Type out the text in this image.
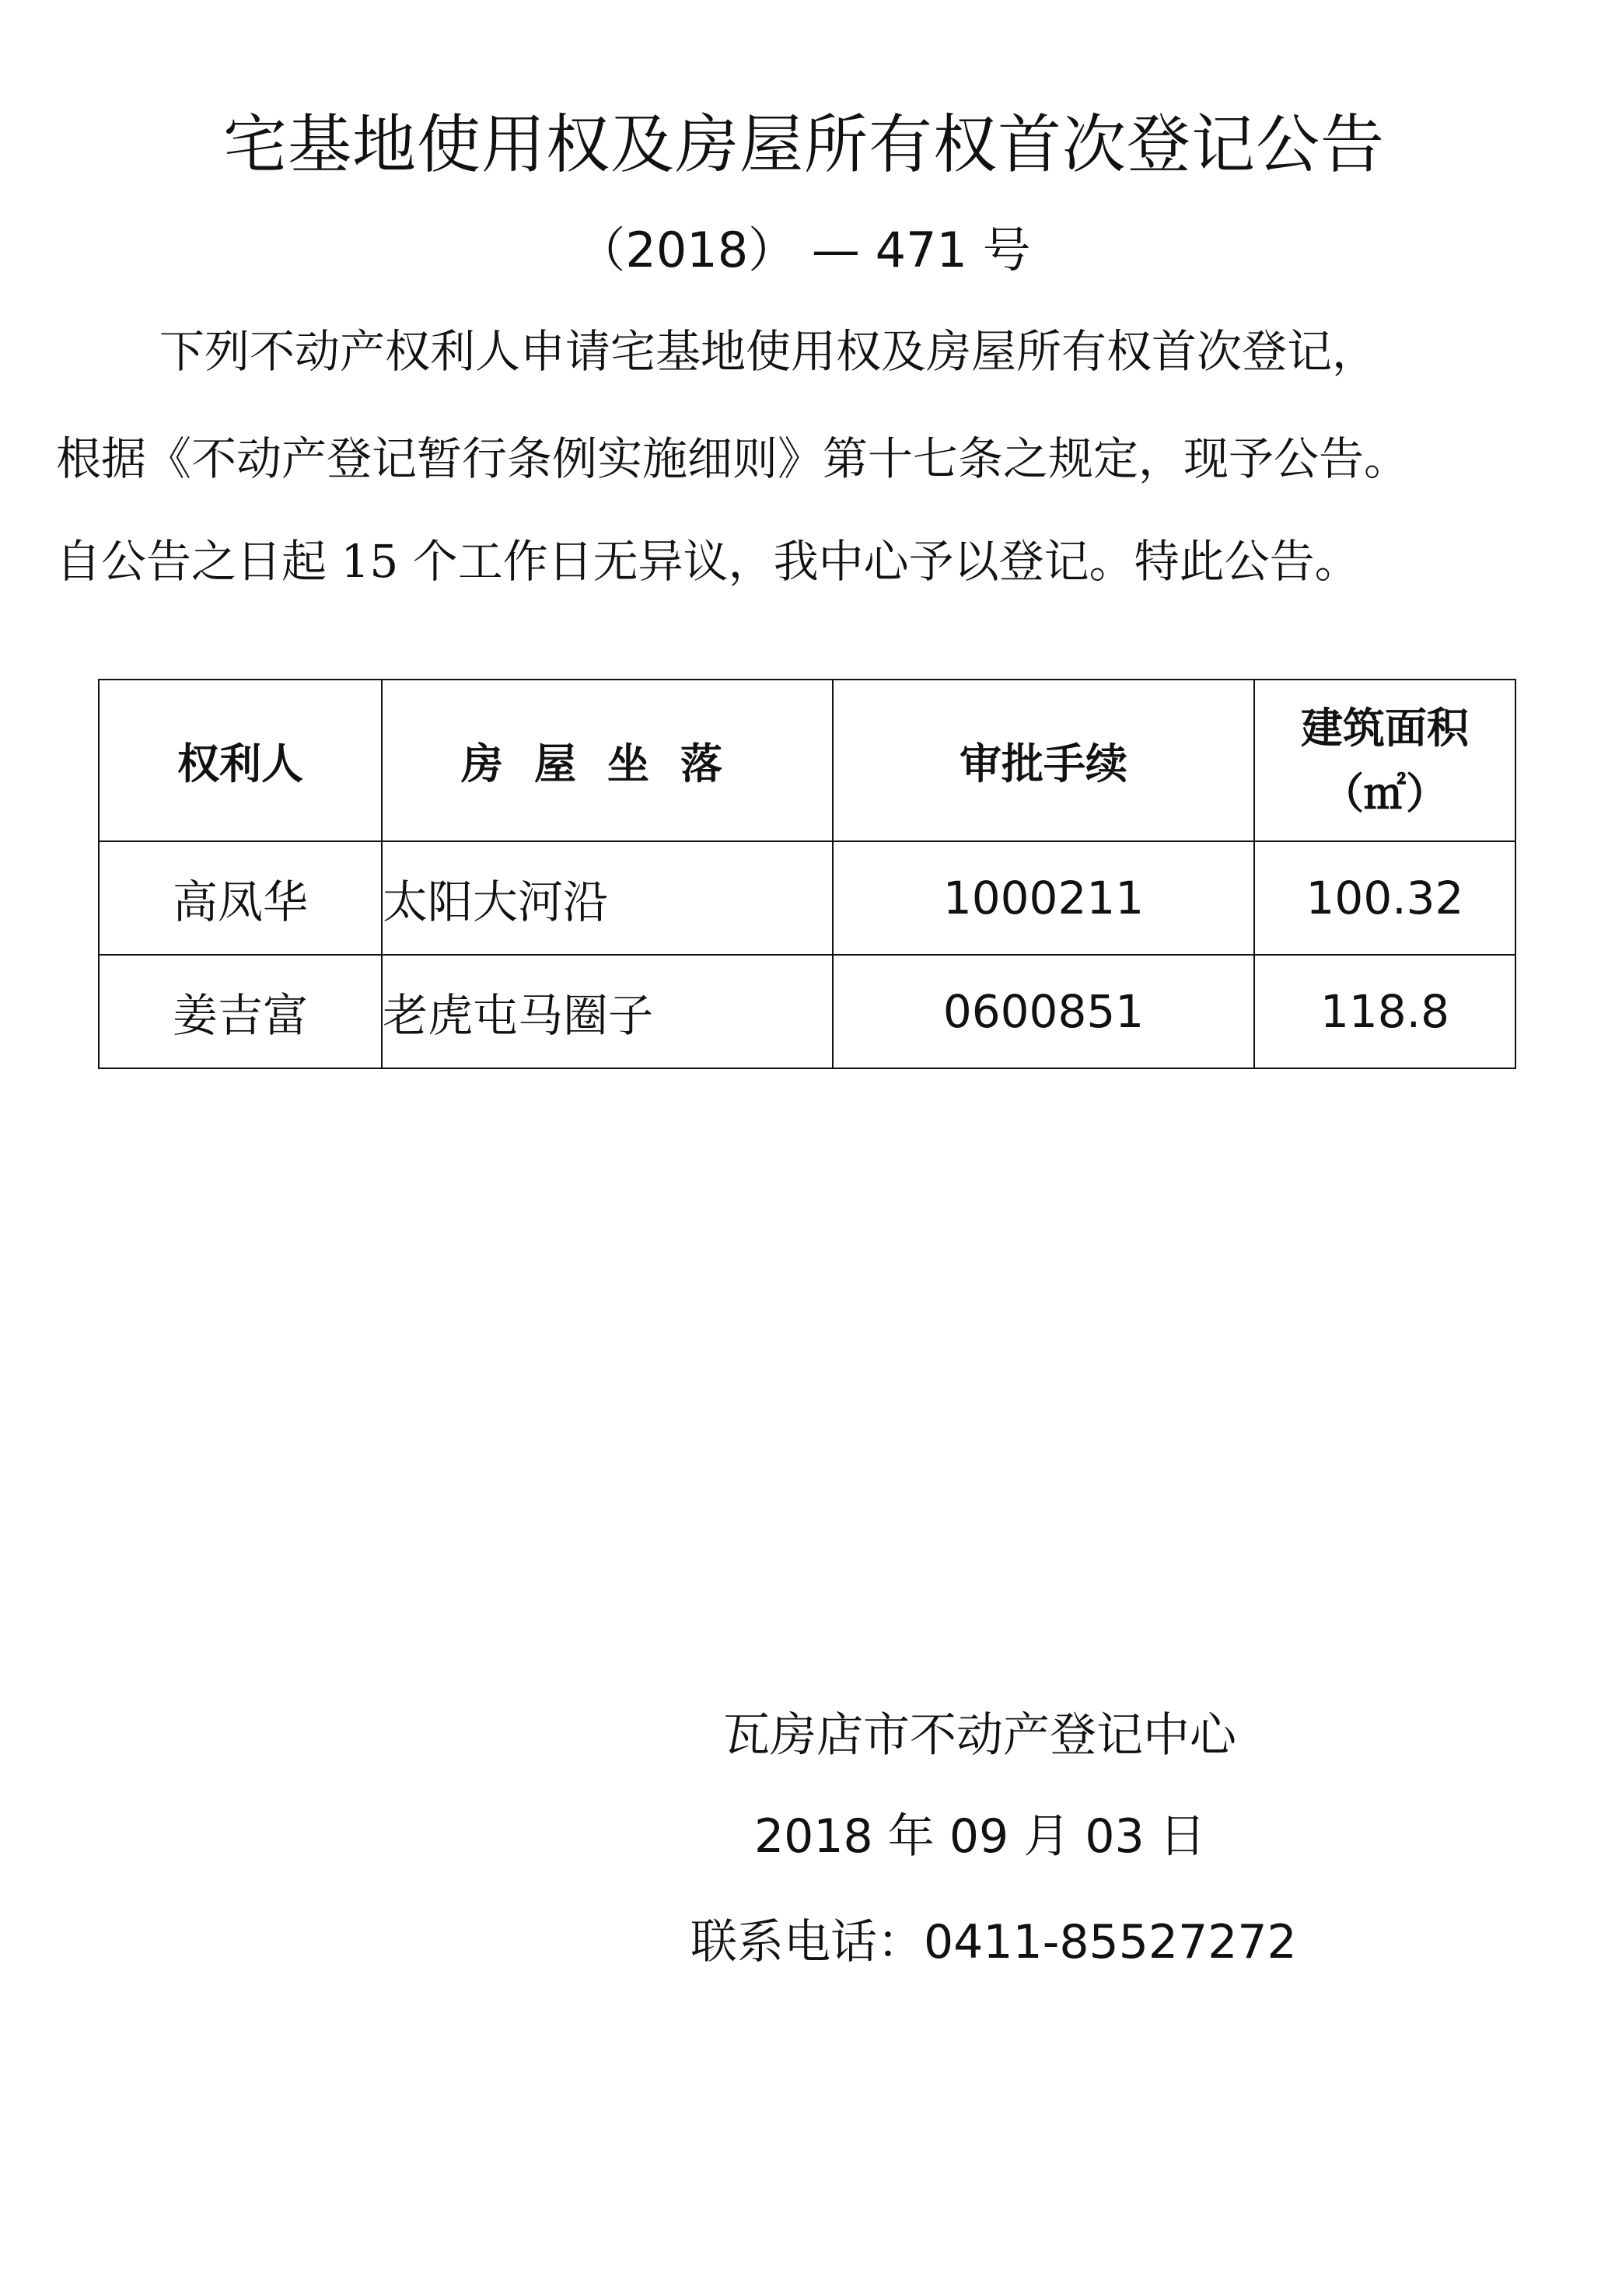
宅基地使用权及房屋所有权首次登记公告
（2018） — 471 号
下列不动产权利人申请宅基地使用权及房屋所有权首次登记，
根据《不动产登记暂行条例实施细则》第十七条之规定，现予公告。
自公告之日起 15 个工作日无异议，我中心予以登记。特此公告。
权利人	房屋坐落	审批手续	建筑面积
（㎡）

高凤华	太阳大河沿	1000211	100.32
姜吉富	老虎屯马圈子	0600851	118.8
瓦房店市不动产登记中心
2018 年 09 月 03 日
联系电话：0411-85527272
